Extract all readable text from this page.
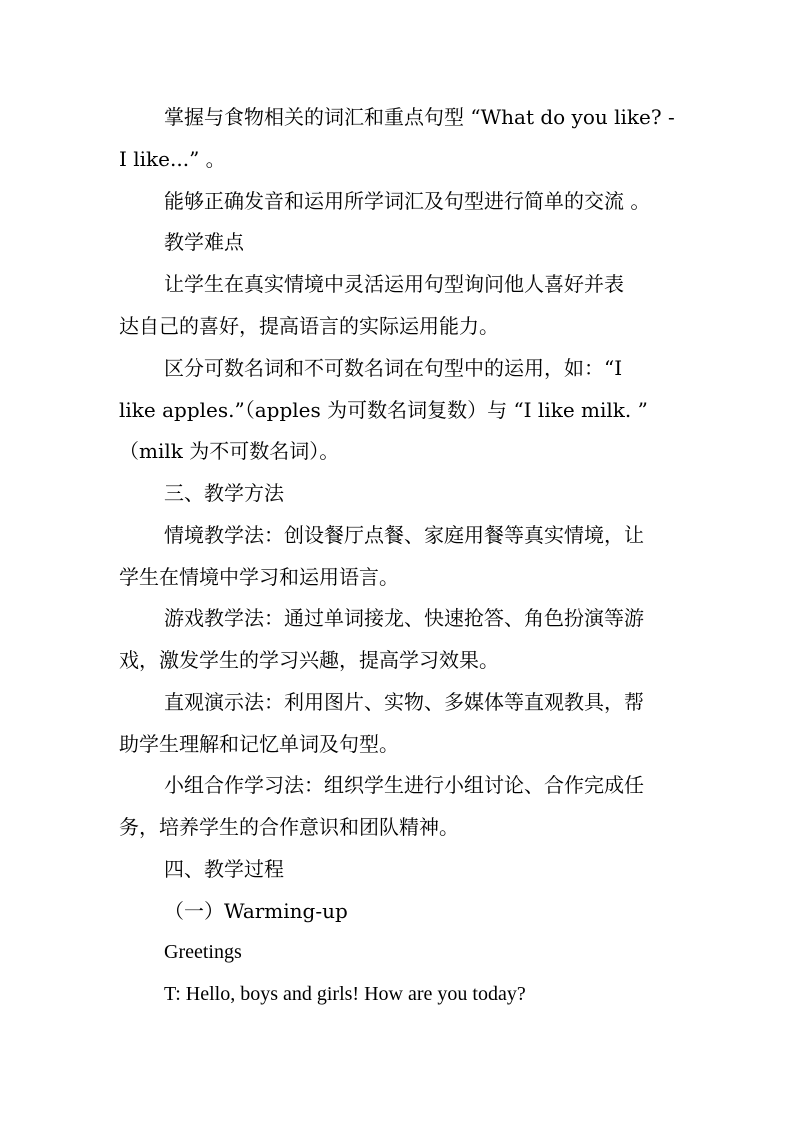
掌握与食物相关的词汇和重点句型 “What do you like? -
I like...” 。
能够正确发音和运用所学词汇及句型进行简单的交流 。
教学难点
让学生在真实情境中灵活运用句型询问他人喜好并表
达自己的喜好，提高语言的实际运用能力。
区分可数名词和不可数名词在句型中的运用，如：“I
like apples.”（apples 为可数名词复数）与 “I like milk. ”
（milk 为不可数名词）。
三、教学方法
情境教学法：创设餐厅点餐、家庭用餐等真实情境，让
学生在情境中学习和运用语言。
游戏教学法：通过单词接龙、快速抢答、角色扮演等游
戏，激发学生的学习兴趣，提高学习效果。
直观演示法：利用图片、实物、多媒体等直观教具，帮
助学生理解和记忆单词及句型。
小组合作学习法：组织学生进行小组讨论、合作完成任
务，培养学生的合作意识和团队精神。
四、教学过程
（一）Warming-up
Greetings
T: Hello, boys and girls! How are you today?
